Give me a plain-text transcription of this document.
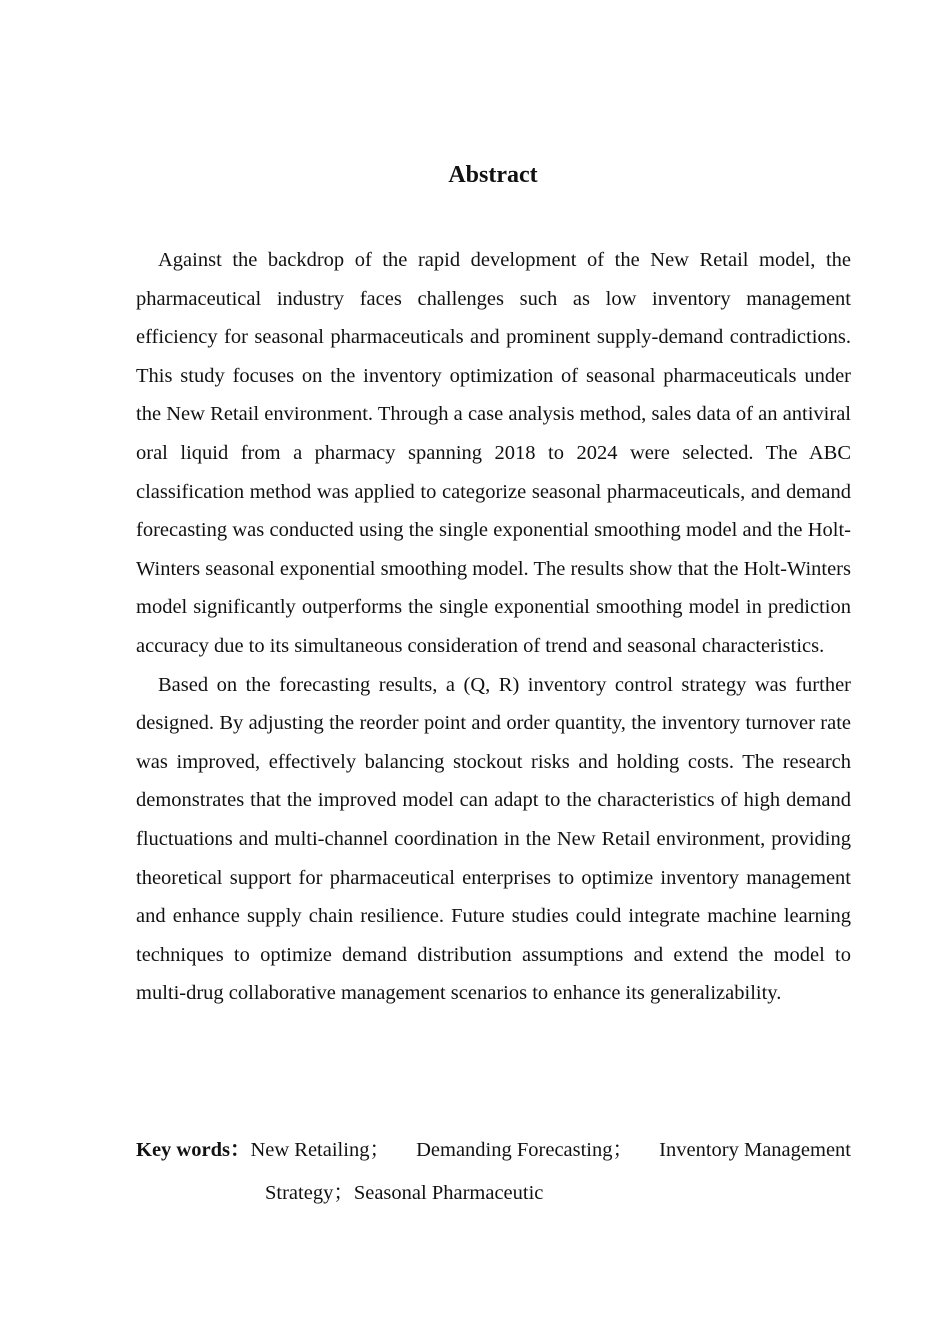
Abstract

Against the backdrop of the rapid development of the New Retail model, the pharmaceutical industry faces challenges such as low inventory management efficiency for seasonal pharmaceuticals and prominent supply-demand contradictions. This study focuses on the inventory optimization of seasonal pharmaceuticals under the New Retail environment. Through a case analysis method, sales data of an antiviral oral liquid from a pharmacy spanning 2018 to 2024 were selected. The ABC classification method was applied to categorize seasonal pharmaceuticals, and demand forecasting was conducted using the single exponential smoothing model and the Holt-Winters seasonal exponential smoothing model. The results show that the Holt-Winters model significantly outperforms the single exponential smoothing model in prediction accuracy due to its simultaneous consideration of trend and seasonal characteristics.

Based on the forecasting results, a (Q, R) inventory control strategy was further designed. By adjusting the reorder point and order quantity, the inventory turnover rate was improved, effectively balancing stockout risks and holding costs. The research demonstrates that the improved model can adapt to the characteristics of high demand fluctuations and multi-channel coordination in the New Retail environment, providing theoretical support for pharmaceutical enterprises to optimize inventory management and enhance supply chain resilience. Future studies could integrate machine learning techniques to optimize demand distribution assumptions and extend the model to multi-drug collaborative management scenarios to enhance its generalizability.

Key words：New Retailing； Demanding Forecasting； Inventory Management
Strategy；Seasonal Pharmaceutic
